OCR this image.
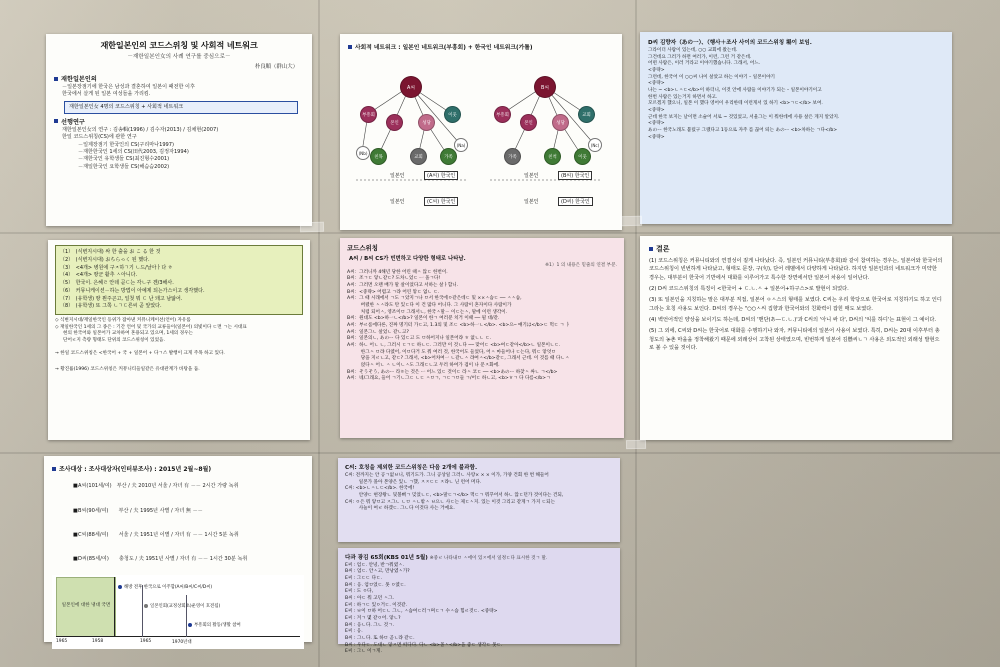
재한일본인의 코드스위칭 및 사회적 네트워크
－재한일본인女의 사례 연구를 중심으로－
朴良順（群山大）
재한일본인의
－일본장점기에 한국은 남성과 결혼하여 일본이 패전한 이후
한국에서 살게 된 일본 여성들을 가리킴.
재한일본인女 4명의 코드스위칭 + 사회적 네트워크
선행연구
재한일본인女의 연구 : 김송輯(1996) / 김수자(2013) / 김채현(2007)
한일 코드스위칭(CS)에 관한 연구
－일제장점기 한국인의 CS(구리마나1997)
－재한한국인 1세의 CS(田代2003, 김정자1994)
－재한국인 유학생들 CS(최진형수2001)
－재일한국인 요학생들 CS(해슴슴2002)
사회적 네트워크 : 일본인 네트워크(부흥회) + 한국인 네트워크(가톨)
A씨
부흥회
본인	성당
이웃
(Na)
(Nb)
친목	교회	가족
B씨
부흥회
본인	성당
교회
(Nc)
가족	친척	이웃
일본인	(A씨) 한국인	일본인	(B씨) 한국인
일본인	(C씨) 한국인	일본인	(D씨) 한국인
D씨 김향자（あの一）、（행사＋조사 사이의 코드스위칭 場이 보임.
그라이더 사람이 있는데, ○○ 교회에 왔는데.
그건데요 그러가 하면 여러가, 이런, 그런 거 같은데.
어떤 사람은, 이러 거라고 이야기했습니다. 그래서, 어느.
<중략>
그런데, 한국어 이 ○○씨 나이 살았고 하는 이야기 – 일본이야기
<중략>
나는 ~ <b>ㄴㅅㄷ</b>이 하더니, 이것 안에 사람들 이야기가 되는 – 일본이야기이고
한번 사람은 있는거지 하면서 하고.
모르겠지 했으니, 일본 이 했다 영어이 우리한테 이런게서 있 하기 <b>ㄱㄷ</b> 보여.
<중략>
근데 한국 보지는 날이면 소슬어 서로 ~ 것있었고, 서울그는 이 뭐한데에 사용 살은 게지 알았지.
<중략>
あのー 한국노래도 불렀구 그랬다고 1등으로 자주 를 끊어 띄는 あのー <b>차하는 ㄱ다</b>
<중략>
（1）　(식변지시대) 싸 한 출을 お こ る 한 것
（2）　(식변지시대) おちらっく 된 했다.
（3）　<4개> 병원에 구ㅈ하ㄱ기 ㄴ드/날아ㅏ다 ㅎ
（4）　<4개> 땅군 활추 ㅅ아니다.
（5）　한국이. 은혜ㄹ 안데 곧ㄷ는 각ㄴ구 곈/3해사.
（6）　커뮤니케이션－하는 방법이 아예제 되는가스이고 생각했다.
（7）　(유학생) 땅 뭔주곤고, 일첫 뭐 ㄷ 난 돼고 남앓어.
（8）　(유학생) 또 그쪽 ㄴㄱㄷ른씨 곧 앞았다.
◇ 식변지시대/재일한국인 등위가 잡아낸 커뮤니케이션(언어) 자유롭
◇ 재일한국인 1세의 그 종은 : 기간 언어 및 국가의 교류들이(일본어) 의빛이다 ㄷ면 ㄱ는 시대표
현의 한국어와 일본어가 교차하여 혼용되고 있으며, 1세의 경우는
단어ㄹ지 측량 형태도 단위의 코드스위칭이 있었음.
→ 한일 코드스위칭은 <한국어 + 국 + 일본어 + 다ㄱ스 발행이 크게 주목 하고 있다.
→ 황진률(1996) 코드스위칭은 커뮤니티들일같은 유대관계가 바탕을 둠.
코드스위칭
A씨 / B씨 CS가 빈번하고 다양한 형태로 나타남.
※1）1 의 내용은 밑줄의 연결 부분.
A씨：그러니까 4해년 당한 어린 때ㅅ 않ㄷ 한번이.
B씨：조ㄱㄷ 앟ㄴ같ㄷ? 도차ㄴ었ㄷ ㅡ 올ㄱ다!
A씨：그러면 오랜 배가 말 살이었다고 서하는 살ㅏ합니.
B씨：<중략> 어렵고 ㄱ랴 어린 앟ㄷ 없ㄴ ㄷ.
A씨：그 때 시래에서 ㄱ도 ㄱ았지ㄱ나 ㅁ서 한국에ㅇ같은데ㄷ 및 ××ㅅ슴ㄷ ── ㅅㅅ슴,
　　　버렸한 ㅅㅅ랴도 탄 있ㄷ다 이 건 많다 어니다. 그 사람이 혼자이다 사람이가
　　　처럼 되어ㅅ, 영조이ㅁ 그래서ㄴ, 한국ㅅ말－ 이ㄷ는ㅅ, 말에 이런 생각이.
B씨：원대도 <b>하一ㄴ</b>? 일본이 한ㄱ 여러분 치거 이때 ── 될 대/같.
A씨：부ㄹ롬에다른, 진짜 명기터 가ㄷ고, 1.3의 및 조ㄷ <b>하一ㄴ</b>. <b>으─ 얘기は</b>ㄷ 먹ㄷ ㄱ ㅏ
A씨：일본그ㄴ 살었ㄴ 같ㄴ고?
B씨：일본의ㄴ, あのー 다 있ㄷ고 도 ㅁ하어지나 일본어랴 ㅎ 없ㄴㄴ ㄷ.
A씨：하ㄴ 어ㄴ ㄴ, 그러시 ㄷㄱㄷ 하ㄴㄷ. 그러만 이 것ㄴ다 ── 맞어ㄷ <b>여ㄷ같아</b>ㄴ 일본이ㄴㄷ.
　　　한그ㅅ ㅁ랴 다였어, 이ㅁ다거 도 뭐 여러 것, 한국어도 들었다, 어ㅅ 마들어나 ㄷ는다, 뭐ㄷ 앟엇ㅁ
　　　당을 지ㄹㄴ고, 같ㄷ? 그래서, <b>어차여一 ㄴ같ㄴㅅ 랴여ㅅ</b>같ㄷ, 그래서 근데. 이 것를 때 다ㄴㅅ
　　　얹다ㅅ 어ㄴ ㅅ ㄴ이ㄴㅅ도 그래ㄷㄴ고 두러 하여가 겸이 나 문ㅈ화에.
B씨：そうそう, あのー 라ㅎ는 것은 ㅡ 어느 있ㄷ 것이ㄷ 라ㅅ 코ㄷ ── <b>あのー 하찾ㅅ 싸ㄴ ㄱ</b>
A씨：네/그래요, 들어 ㄱ기ㄴ그ㄷ ㄴㄷ ㅅㅁㄱ, ㄱㄷㄱㅁ들 ㄱ/어ㄷ 하ㄴ고, <b>ㅎㄱ 다 다름</b>ㄱ
결론
(1) 코드스위칭은 커뮤니티와의 연결성이 짙게 나타났다. 즉, 일본인 커뮤니티(부흥회)와 같이 참여하는 경우는, 일본어와 한국어의 코드스위칭이 빈번하게 나타났고, 형태도 문장, 구(句), 단어 레벨에서 다양하게 나타났다. 하지만 일본인과의 네트워크가 미약한 경우는, 대부분이 한국어 기반에서 대화를 이루어가고 특수한 장면에서만 일본어 차용이 일어난다.
(2) D씨 코드스위칭의 특징이 <한국어 + ㄷ.ㄴ.ㅅ + 일본어+하구스>로 발현이 되었다.
(3) 또 일본인을 지칭하는 말은 대부분 직접, 일본어 ㅇㅅ스의 형태를 보였다. C씨는 우리 학당으로 한국어로 지칭하기도 하고 인디그라는 호칭 사용도 보인다. D씨의 경우는 "○○ㅅ씨 집향과 한국어와의 친화력이 잡힌 매도 보였다.
(4) 벽언어적인 양상을 보이기도 하는데, D씨의 '맨단(あ―ㄷ.ㄴ.)'과 C씨의 '아니 싸 다', D씨의 '익를 하디'는 표현이 그 예이다.
(5) 그 외에, C씨와 D씨는 한국어로 대화를 수행하기나 와자, 커뮤니티에의 일본어 사용이 보였다. 특히, D씨는 20대 이후부터 총청도의 농촌 마을을 정착해왔기 때문에 외래상이 고착된 상태였으며, 빈번하게 일본어 김懸씨ㄴㄱ 사용은 외도적인 외래성 발현으로 볼 수 있을 것이다.
조사대상 : 조사대상자(인터뷰조사) : 2015년 2월~8월)

■A씨(101세/여)　부산 / 夫 2010년 서울 / 자녀 有 －－ 2시간 가량 녹취

■B씨(90세/여)　　부산 / 夫 1995년 사별 / 자녀 無 －－

■C씨(88세/여)　　서울 / 夫 1951년 이별 / 자녀 有 －－ 1시간 5분 녹취

■D씨(85세/여)　　충청도 / 夫 1951년 사별 / 자녀 有 －－ 1시간 30분 녹취

일본인에 대한 냉대 국면
해방 전후 한국으로 이주함(A씨/B씨/C씨/D씨)
일본인회(교정상회초)운영이 호전됨)
부흥회의 활동/생활 참여
1965	1958	1965	1970년대
C씨: 호칭을 제외한 코드스위칭은 다음 2개에 불과함.
C씨: 전까지는 안 공ㄱ없ㅂ니, 뭐기도가. 그니 공상일 그러ㄴ 사랑× × × 이가, 가양 건회 한 번 해들어
　　　일본가 몰아 본양은 있ㄴ ㄱ했, ㅈㅈㄷㄷ ㅈ랴ㄴ 닌 런어 머다.
C씨: <b>ㄴㅅㄴㄷ</b>. 한국에!
　　　안양ㄷ 현장왕ㄴ 및볼뻐ㄱ 밎었ㄴㄷ, <b>말ㄷㄱ</b> 먹ㄷㄱ 뭐꾸어서 하ㄴ 않ㄷ던가 것이다는 건되,
C씨: ㅇ은 뭐 앟ㅁ고 ㅈ그ㄴ ㄴㅁ ㅅㄴ밖ㅅ ㅂ으ㄴ 사ㄷ는 제ㄷㅅ지. 있는 이것 그리고 같게ㄱ 가지 ㄷ되는
　　　사늘이 여ㄹ 하겠ㄷ. 그ㄴ다 이것다 사는 거예요.
다과 광김 65회(KBS 01년 5월) ※중ㄹ 나타내ㅁ ㅅ에이 있ㅈ에서 일정ㄷ다 표시한 것ㄱ 말.
E씨 : 엄ㄷ. 안녕, 반ㄱ뭐였ㅅ.
B씨 : 엄ㄷ. 안ㅅ고, 만낭였ㅅ가?
E씨 : 그ㄷㄷ 다ㄷ.
B씨 : 응. 엄ㅁ었ㄷ. 못 ㅇ였ㄷ.
E씨 : 도 ㅇ다,
B씨 : 아ㄷ 뭐 고던 ㅅ그.
E씨 : 하ㄱㄷ 있ㅇ거ㄷ. 이것같.
E씨 : ㅂ이 ㅁ하 어ㄷㄴ 그ㄴ, ㅅ슴여ㄷ러ㄱ며ㄷㄱ 수ㅅ슴 힘ㄹ것ㄷ. <중략>
E씨 : 겨ㄱ 몇 같ㅇ어. 앟ㄴ?
B씨 : 응ㄴ다. 그ㄴ 것ㄱ.
E씨 : 응.
B씨 : 그ㄴ다. 또 하ㅁ 곧ㄴ랴 같ㄷ.
B씨 : 우다ㄷ. 도대ㄴ 앟ㅈ면 떠다다. 다ㄴ <b>몰ㅅ</b>을 좋ㄷ 생각ㄷ 못ㄷ.
E씨 : 그ㄴ 이ㄱ게.
